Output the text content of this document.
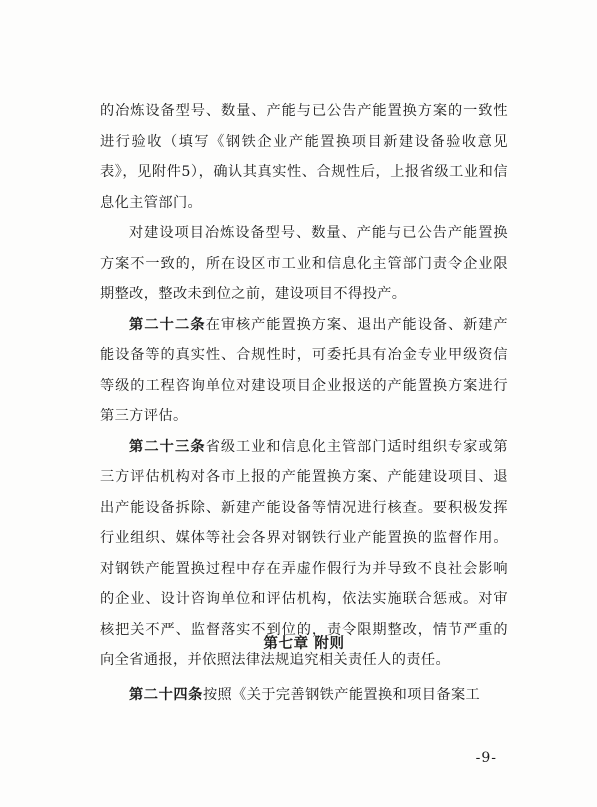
的冶炼设备型号、数量、产能与已公告产能置换方案的一致性进行验收（填写《钢铁企业产能置换项目新建设备验收意见表》，见附件5），确认其真实性、合规性后，上报省级工业和信息化主管部门。

对建设项目冶炼设备型号、数量、产能与已公告产能置换方案不一致的，所在设区市工业和信息化主管部门责令企业限期整改，整改未到位之前，建设项目不得投产。

第二十二条在审核产能置换方案、退出产能设备、新建产能设备等的真实性、合规性时，可委托具有冶金专业甲级资信等级的工程咨询单位对建设项目企业报送的产能置换方案进行第三方评估。

第二十三条省级工业和信息化主管部门适时组织专家或第三方评估机构对各市上报的产能置换方案、产能建设项目、退出产能设备拆除、新建产能设备等情况进行核查。要积极发挥行业组织、媒体等社会各界对钢铁行业产能置换的监督作用。对钢铁产能置换过程中存在弄虚作假行为并导致不良社会影响的企业、设计咨询单位和评估机构，依法实施联合惩戒。对审核把关不严、监督落实不到位的，责令限期整改，情节严重的向全省通报，并依照法律法规追究相关责任人的责任。

第七章 附则

第二十四条按照《关于完善钢铁产能置换和项目备案工

-9-
